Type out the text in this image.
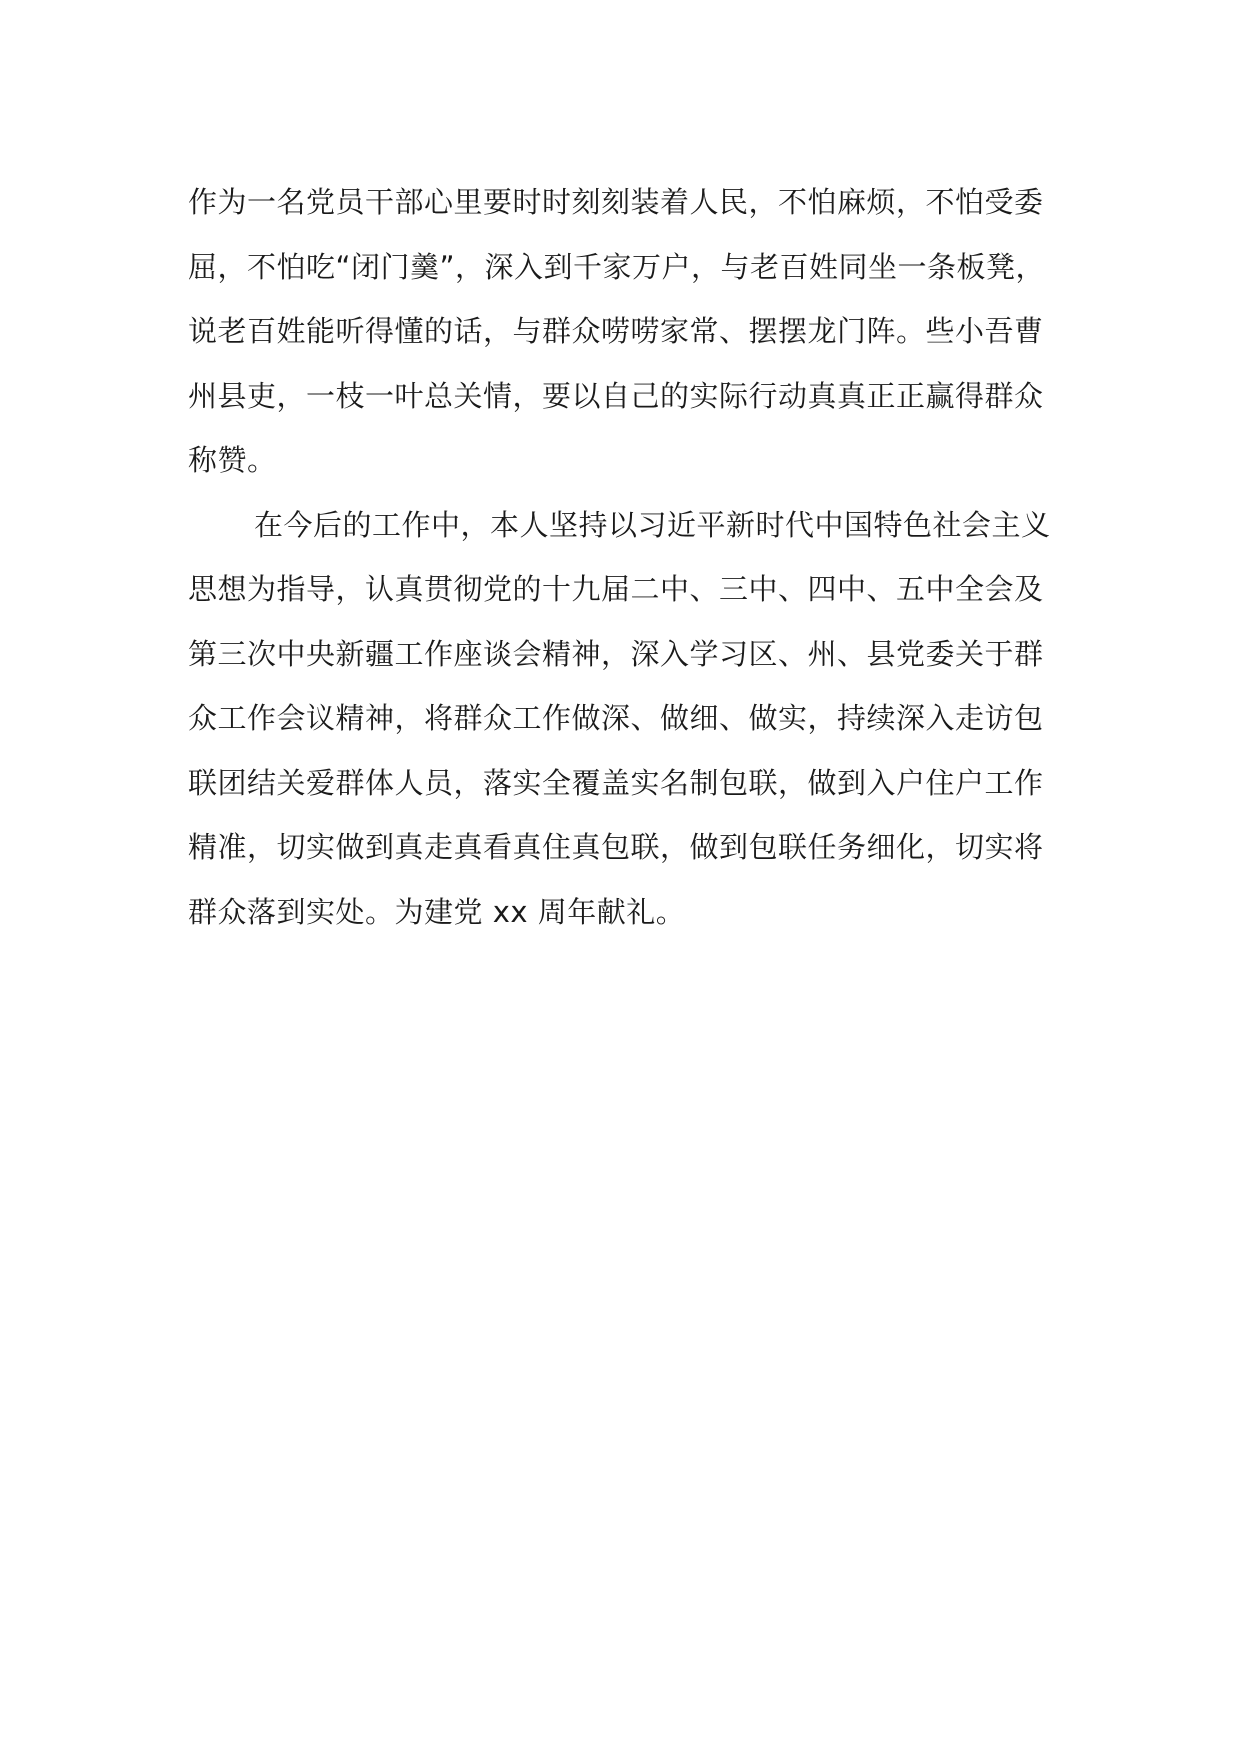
作为一名党员干部心里要时时刻刻装着人民，不怕麻烦，不怕受委
屈，不怕吃“闭门羹”，深入到千家万户，与老百姓同坐一条板凳，
说老百姓能听得懂的话，与群众唠唠家常、摆摆龙门阵。些小吾曹
州县吏，一枝一叶总关情，要以自己的实际行动真真正正赢得群众
称赞。
在今后的工作中，本人坚持以习近平新时代中国特色社会主义
思想为指导，认真贯彻党的十九届二中、三中、四中、五中全会及
第三次中央新疆工作座谈会精神，深入学习区、州、县党委关于群
众工作会议精神，将群众工作做深、做细、做实，持续深入走访包
联团结关爱群体人员，落实全覆盖实名制包联，做到入户住户工作
精准，切实做到真走真看真住真包联，做到包联任务细化，切实将
群众落到实处。为建党 xx 周年献礼。
